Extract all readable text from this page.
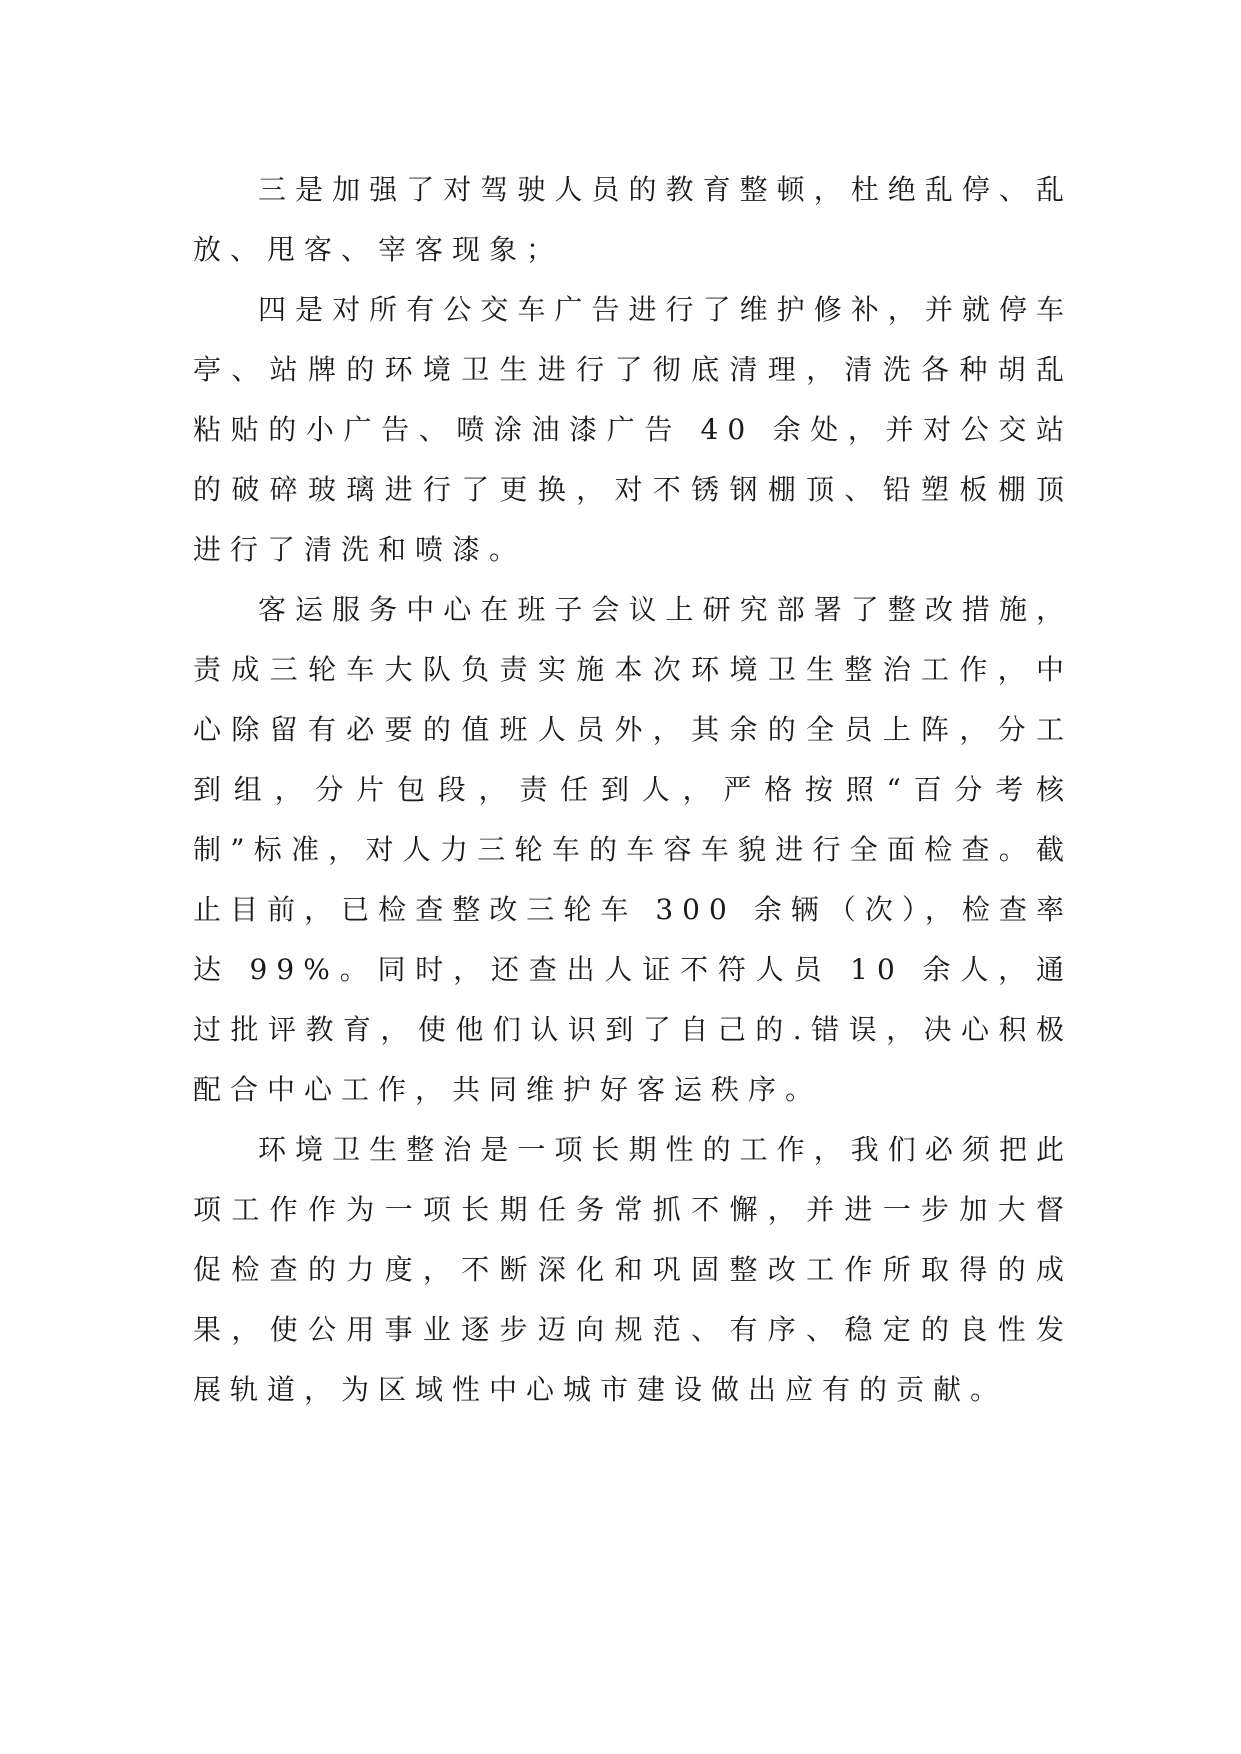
三是加强了对驾驶人员的教育整顿，杜绝乱停、乱放、甩客、宰客现象；

四是对所有公交车广告进行了维护修补，并就停车亭、站牌的环境卫生进行了彻底清理，清洗各种胡乱粘贴的小广告、喷涂油漆广告 40 余处，并对公交站的破碎玻璃进行了更换，对不锈钢棚顶、铅塑板棚顶进行了清洗和喷漆。

客运服务中心在班子会议上研究部署了整改措施，责成三轮车大队负责实施本次环境卫生整治工作，中心除留有必要的值班人员外，其余的全员上阵，分工到组，分片包段，责任到人，严格按照“百分考核制”标准，对人力三轮车的车容车貌进行全面检查。截止目前，已检查整改三轮车 300 余辆（次），检查率达 99%。同时，还查出人证不符人员 10 余人，通过批评教育，使他们认识到了自己的.错误，决心积极配合中心工作，共同维护好客运秩序。

环境卫生整治是一项长期性的工作，我们必须把此项工作作为一项长期任务常抓不懈，并进一步加大督促检查的力度，不断深化和巩固整改工作所取得的成果，使公用事业逐步迈向规范、有序、稳定的良性发展轨道，为区域性中心城市建设做出应有的贡献。
